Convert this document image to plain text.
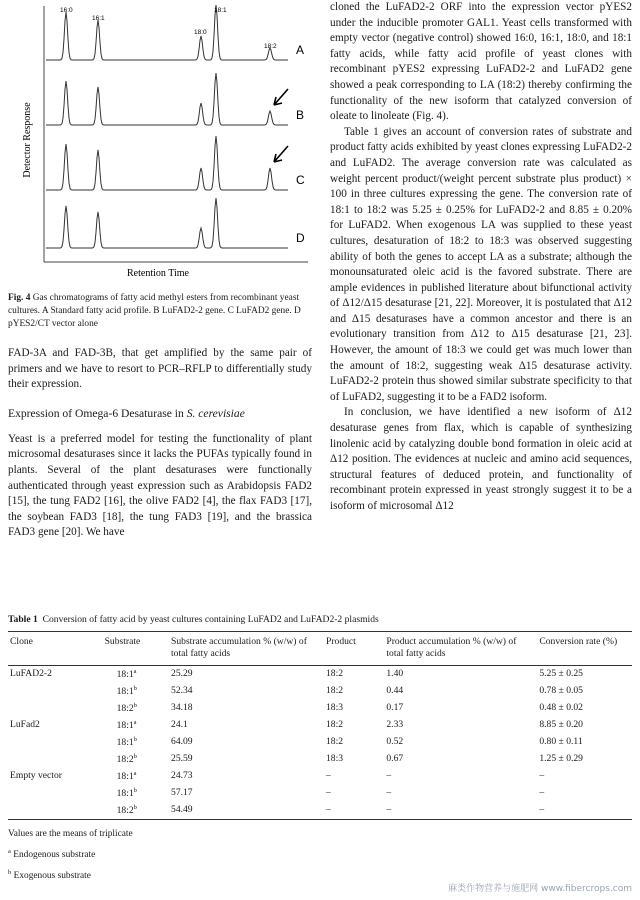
Detector Response
Retention Time
A
B
C
D
16:0
16:1
18:1
18:0
18:2
Fig. 4 Gas chromatograms of fatty acid methyl esters from recombinant yeast cultures. A Standard fatty acid profile. B LuFAD2-2 gene. C LuFAD2 gene. D pYES2/CT vector alone

FAD-3A and FAD-3B, that get amplified by the same pair of primers and we have to resort to PCR–RFLP to differentially study their expression.

Expression of Omega-6 Desaturase in S. cerevisiae

Yeast is a preferred model for testing the functionality of plant microsomal desaturases since it lacks the PUFAs typically found in plants. Several of the plant desaturases were functionally authenticated through yeast expression such as Arabidopsis FAD2 [15], the tung FAD2 [16], the olive FAD2 [4], the flax FAD3 [17], the soybean FAD3 [18], the tung FAD3 [19], and the brassica FAD3 gene [20]. We have

cloned the LuFAD2-2 ORF into the expression vector pYES2 under the inducible promoter GAL1. Yeast cells transformed with empty vector (negative control) showed 16:0, 16:1, 18:0, and 18:1 fatty acids, while fatty acid profile of yeast clones with recombinant pYES2 expressing LuFAD2-2 and LuFAD2 gene showed a peak corresponding to LA (18:2) thereby confirming the functionality of the new isoform that catalyzed conversion of oleate to linoleate (Fig. 4).

Table 1 gives an account of conversion rates of substrate and product fatty acids exhibited by yeast clones expressing LuFAD2-2 and LuFAD2. The average conversion rate was calculated as weight percent product/(weight percent substrate plus product) × 100 in three cultures expressing the gene. The conversion rate of 18:1 to 18:2 was 5.25 ± 0.25% for LuFAD2-2 and 8.85 ± 0.20% for LuFAD2. When exogenous LA was supplied to these yeast cultures, desaturation of 18:2 to 18:3 was observed suggesting ability of both the genes to accept LA as a substrate; although the monounsaturated oleic acid is the favored substrate. There are ample evidences in published literature about bifunctional activity of Δ12/Δ15 desaturase [21, 22]. Moreover, it is postulated that Δ12 and Δ15 desaturases have a common ancestor and there is an evolutionary transition from Δ12 to Δ15 desaturase [21, 23]. However, the amount of 18:3 we could get was much lower than the amount of 18:2, suggesting weak Δ15 desaturase activity. LuFAD2-2 protein thus showed similar substrate specificity to that of LuFAD2, suggesting it to be a FAD2 isoform.

In conclusion, we have identified a new isoform of Δ12 desaturase genes from flax, which is capable of synthesizing linolenic acid by catalyzing double bond formation in oleic acid at Δ12 position. The evidences at nucleic and amino acid sequences, structural features of deduced protein, and functionality of recombinant protein expressed in yeast strongly suggest it to be a isoform of microsomal Δ12

Table 1 Conversion of fatty acid by yeast cultures containing LuFAD2 and LuFAD2-2 plasmids
Clone	Substrate	Substrate accumulation % (w/w) of total fatty acids	Product	Product accumulation % (w/w) of total fatty acids	Conversion rate (%)
LuFAD2-2	18:1$^a$	25.29	18:2	1.40	5.25 ± 0.25
	18:1$^b$	52.34	18:2	0.44	0.78 ± 0.05
	18:2$^b$	34.18	18:3	0.17	0.48 ± 0.02
LuFad2	18:1$^a$	24.1	18:2	2.33	8.85 ± 0.20
	18:1$^b$	64.09	18:2	0.52	0.80 ± 0.11
	18:2$^b$	25.59	18:3	0.67	1.25 ± 0.29
Empty vector	18:1$^a$	24.73	–	–	–
	18:1$^b$	57.17	–	–	–
	18:2$^b$	54.49	–	–	–
Values are the means of triplicate
$^a$ Endogenous substrate
$^b$ Exogenous substrate
麻类作物营养与施肥网 www.fibercrops.com
